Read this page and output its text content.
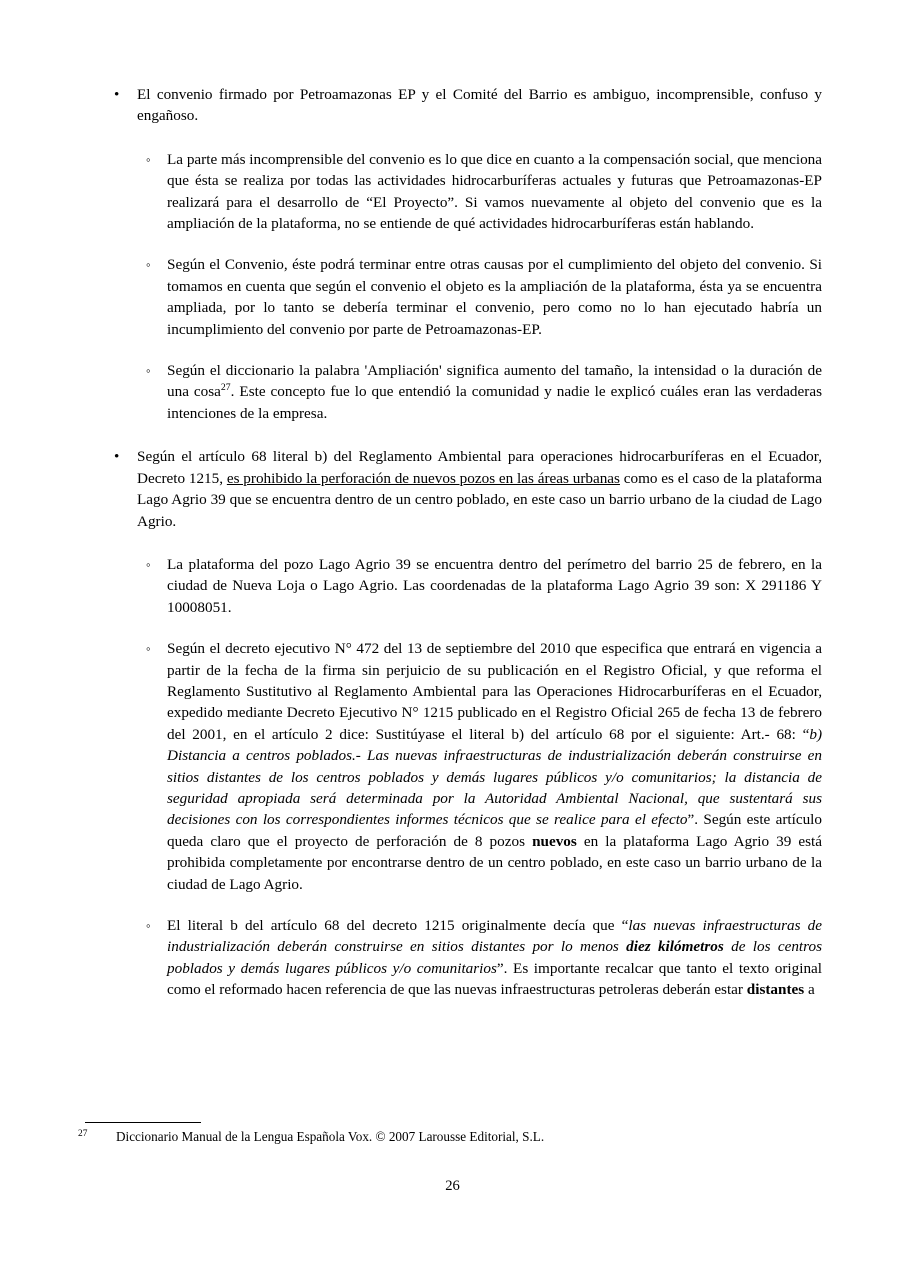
• El convenio firmado por Petroamazonas EP y el Comité del Barrio es ambiguo, incomprensible, confuso y engañoso.
◦ La parte más incomprensible del convenio es lo que dice en cuanto a la compensación social, que menciona que ésta se realiza por todas las actividades hidrocarburíferas actuales y futuras que Petroamazonas-EP realizará para el desarrollo de “El Proyecto”. Si vamos nuevamente al objeto del convenio que es la ampliación de la plataforma, no se entiende de qué actividades hidrocarburíferas están hablando.
◦ Según el Convenio, éste podrá terminar entre otras causas por el cumplimiento del objeto del convenio. Si tomamos en cuenta que según el convenio el objeto es la ampliación de la plataforma, ésta ya se encuentra ampliada, por lo tanto se debería terminar el convenio, pero como no lo han ejecutado habría un incumplimiento del convenio por parte de Petroamazonas-EP.
◦ Según el diccionario la palabra 'Ampliación' significa aumento del tamaño, la intensidad o la duración de una cosa$^{27}$. Este concepto fue lo que entendió la comunidad y nadie le explicó cuáles eran las verdaderas intenciones de la empresa.
• Según el artículo 68 literal b) del Reglamento Ambiental para operaciones hidrocarburíferas en el Ecuador, Decreto 1215, es prohibido la perforación de nuevos pozos en las áreas urbanas como es el caso de la plataforma Lago Agrio 39 que se encuentra dentro de un centro poblado, en este caso un barrio urbano de la ciudad de Lago Agrio.
◦ La plataforma del pozo Lago Agrio 39 se encuentra dentro del perímetro del barrio 25 de febrero, en la ciudad de Nueva Loja o Lago Agrio. Las coordenadas de la plataforma Lago Agrio 39 son: X 291186 Y 10008051.
◦ Según el decreto ejecutivo N° 472 del 13 de septiembre del 2010 que especifica que entrará en vigencia a partir de la fecha de la firma sin perjuicio de su publicación en el Registro Oficial, y que reforma el Reglamento Sustitutivo al Reglamento Ambiental para las Operaciones Hidrocarburíferas en el Ecuador, expedido mediante Decreto Ejecutivo N° 1215 publicado en el Registro Oficial 265 de fecha 13 de febrero del 2001, en el artículo 2 dice: Sustitúyase el literal b) del artículo 68 por el siguiente: Art.- 68: “b) Distancia a centros poblados.- Las nuevas infraestructuras de industrialización deberán construirse en sitios distantes de los centros poblados y demás lugares públicos y/o comunitarios; la distancia de seguridad apropiada será determinada por la Autoridad Ambiental Nacional, que sustentará sus decisiones con los correspondientes informes técnicos que se realice para el efecto”. Según este artículo queda claro que el proyecto de perforación de 8 pozos nuevos en la plataforma Lago Agrio 39 está prohibida completamente por encontrarse dentro de un centro poblado, en este caso un barrio urbano de la ciudad de Lago Agrio.
◦ El literal b del artículo 68 del decreto 1215 originalmente decía que “las nuevas infraestructuras de industrialización deberán construirse en sitios distantes por lo menos diez kilómetros de los centros poblados y demás lugares públicos y/o comunitarios”. Es importante recalcar que tanto el texto original como el reformado hacen referencia de que las nuevas infraestructuras petroleras deberán estar distantes a
27 Diccionario Manual de la Lengua Española Vox. © 2007 Larousse Editorial, S.L.
26
